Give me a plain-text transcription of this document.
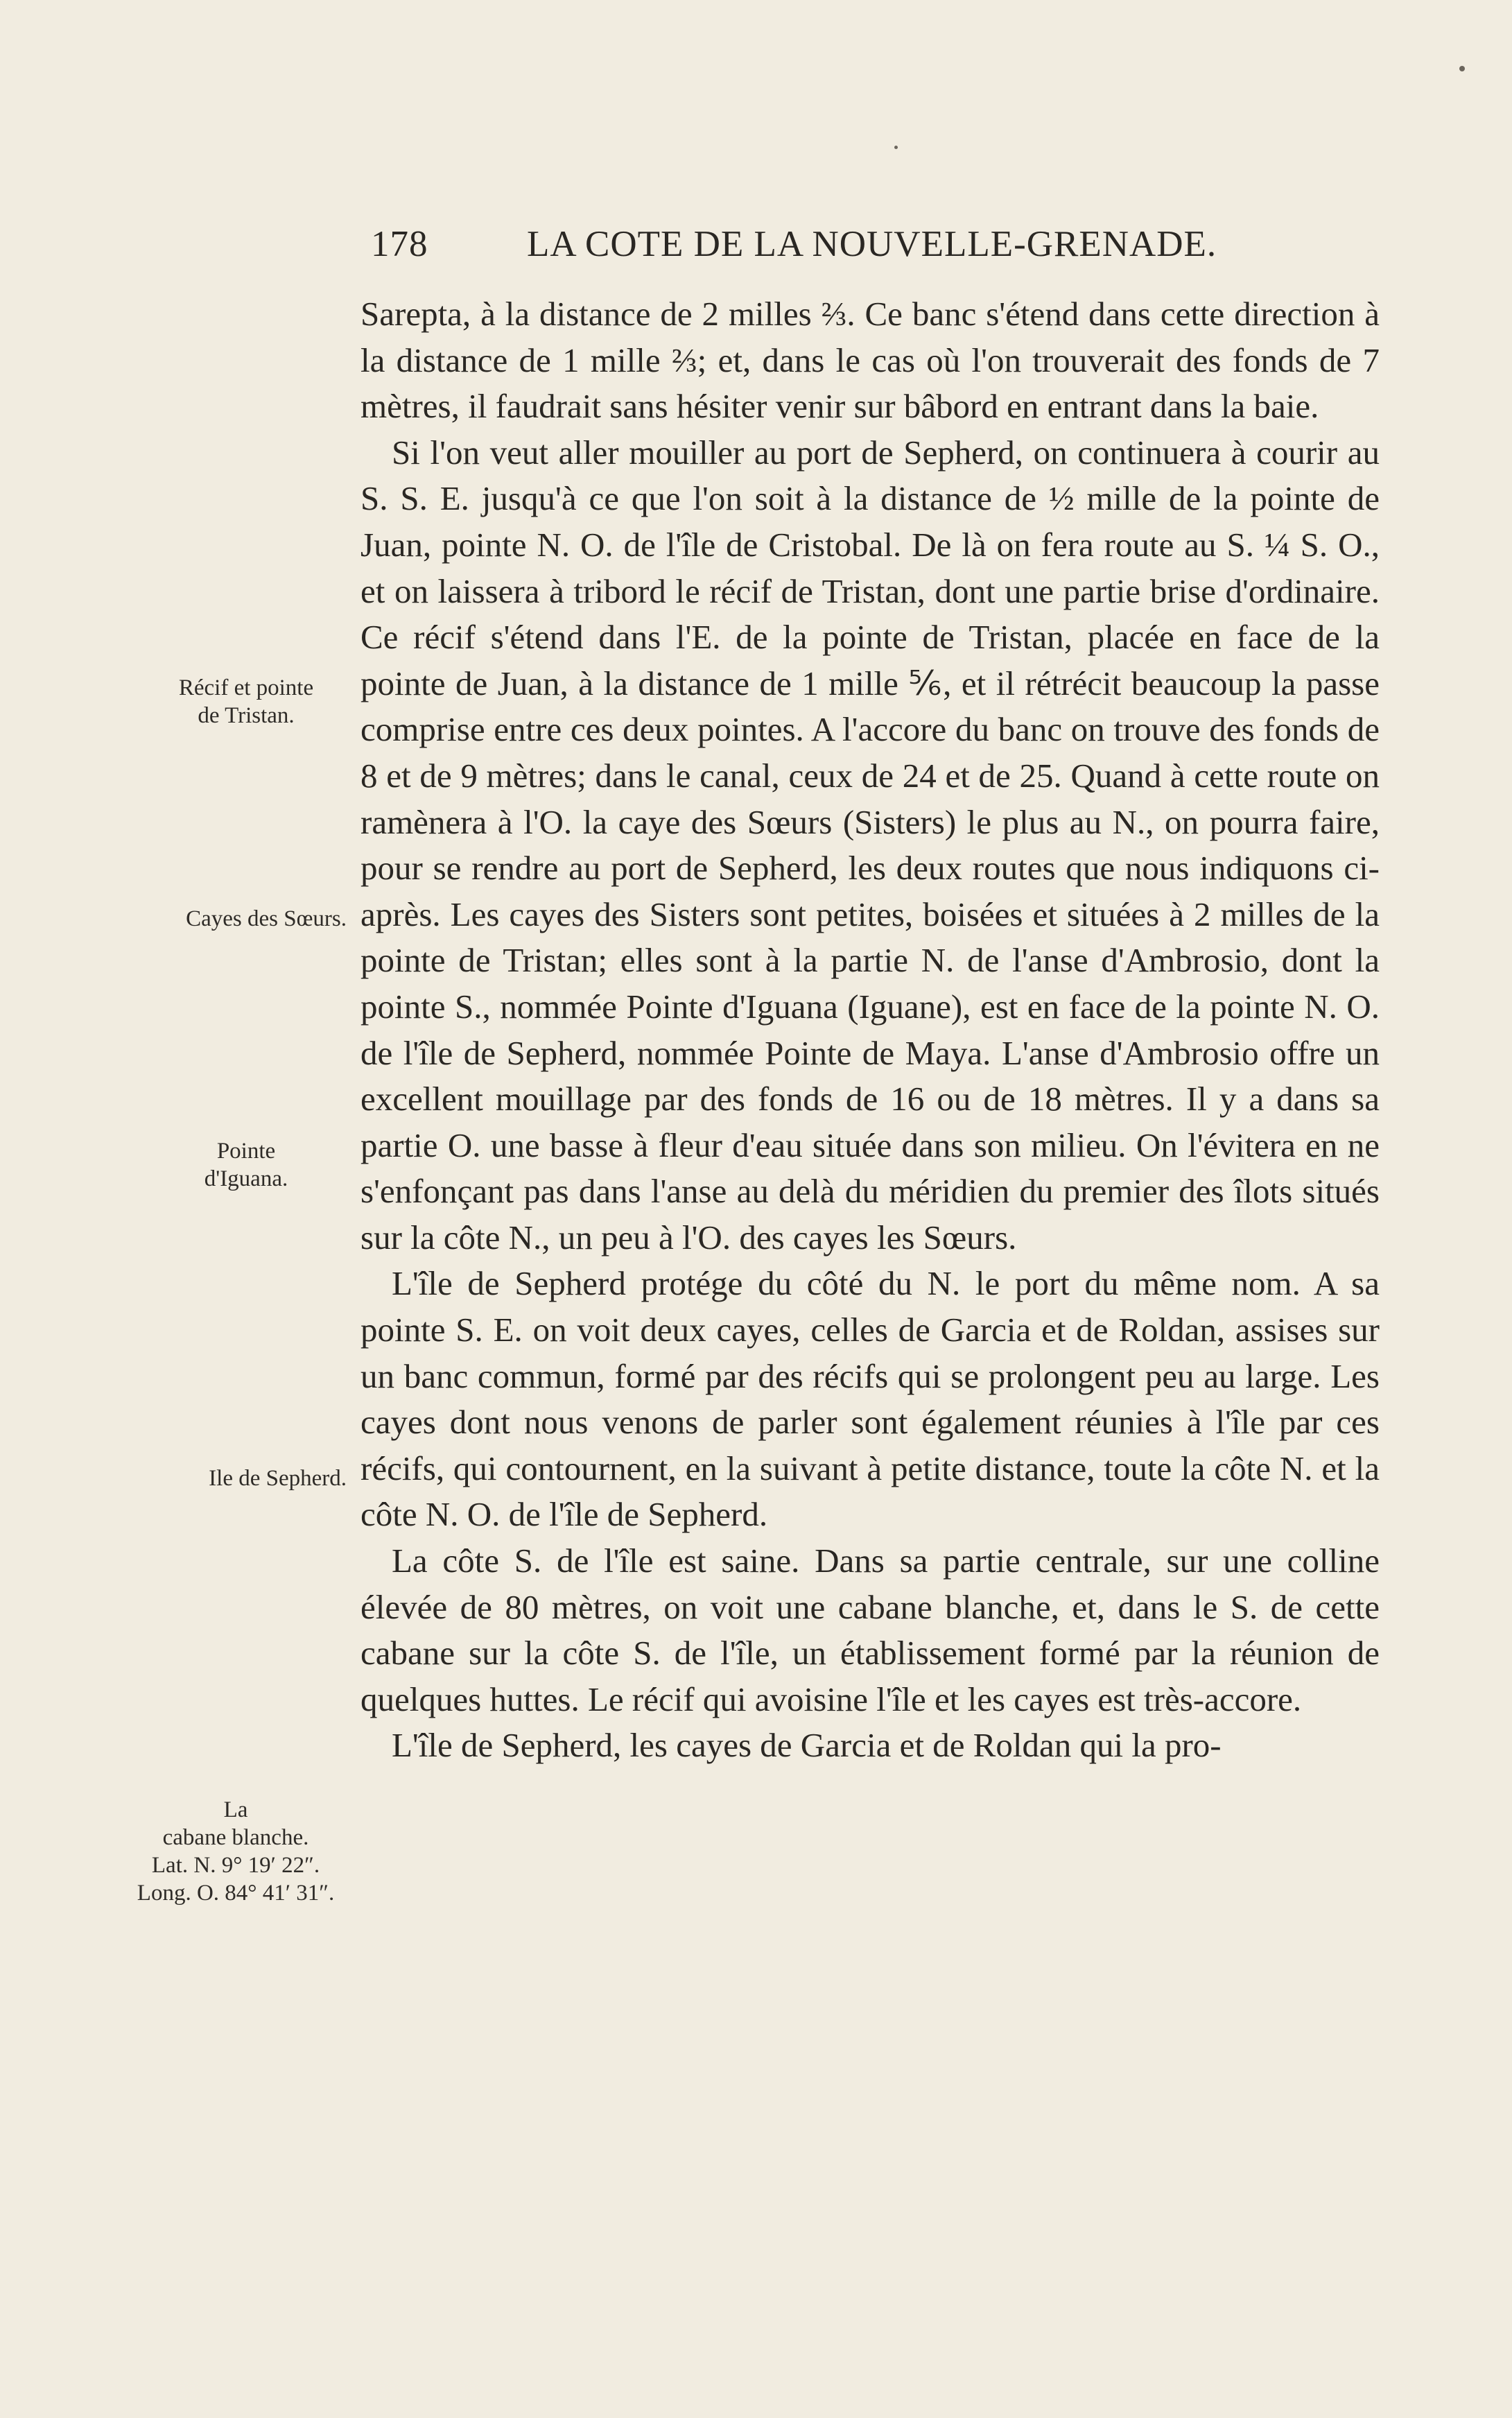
178	LA COTE DE LA NOUVELLE-GRENADE.

Sarepta, à la distance de 2 milles ⅔. Ce banc s'étend dans cette direction à la distance de 1 mille ⅔; et, dans le cas où l'on trouverait des fonds de 7 mètres, il faudrait sans hésiter venir sur bâbord en entrant dans la baie.

Si l'on veut aller mouiller au port de Sepherd, on continuera à courir au S. S. E. jusqu'à ce que l'on soit à la distance de ½ mille de la pointe de Juan, pointe N. O. de l'île de Cristobal. De là on fera route au S. ¼ S. O., et on laissera à tribord le récif de Tristan, dont une partie brise d'ordinaire. Ce récif s'étend dans l'E. de la pointe de Tristan, placée en face de la pointe de Juan, à la distance de 1 mille ⅚, et il rétrécit beaucoup la passe comprise entre ces deux pointes. A l'accore du banc on trouve des fonds de 8 et de 9 mètres; dans le canal, ceux de 24 et de 25. Quand à cette route on ramènera à l'O. la caye des Sœurs (Sisters) le plus au N., on pourra faire, pour se rendre au port de Sepherd, les deux routes que nous indiquons ci-après. Les cayes des Sisters sont petites, boisées et situées à 2 milles de la pointe de Tristan; elles sont à la partie N. de l'anse d'Ambrosio, dont la pointe S., nommée Pointe d'Iguana (Iguane), est en face de la pointe N. O. de l'île de Sepherd, nommée Pointe de Maya. L'anse d'Ambrosio offre un excellent mouillage par des fonds de 16 ou de 18 mètres. Il y a dans sa partie O. une basse à fleur d'eau située dans son milieu. On l'évitera en ne s'enfonçant pas dans l'anse au delà du méridien du premier des îlots situés sur la côte N., un peu à l'O. des cayes les Sœurs.

L'île de Sepherd protége du côté du N. le port du même nom. A sa pointe S. E. on voit deux cayes, celles de Garcia et de Roldan, assises sur un banc commun, formé par des récifs qui se prolongent peu au large. Les cayes dont nous venons de parler sont également réunies à l'île par ces récifs, qui contournent, en la suivant à petite distance, toute la côte N. et la côte N. O. de l'île de Sepherd.

La côte S. de l'île est saine. Dans sa partie centrale, sur une colline élevée de 80 mètres, on voit une cabane blanche, et, dans le S. de cette cabane sur la côte S. de l'île, un établissement formé par la réunion de quelques huttes. Le récif qui avoisine l'île et les cayes est très-accore.

L'île de Sepherd, les cayes de Garcia et de Roldan qui la pro-

Récif et pointe
de Tristan.
Cayes des Sœurs.
Pointe
d'Iguana.
Ile de Sepherd.
La
cabane blanche.
Lat. N. 9° 19′ 22″.
Long. O. 84° 41′ 31″.
